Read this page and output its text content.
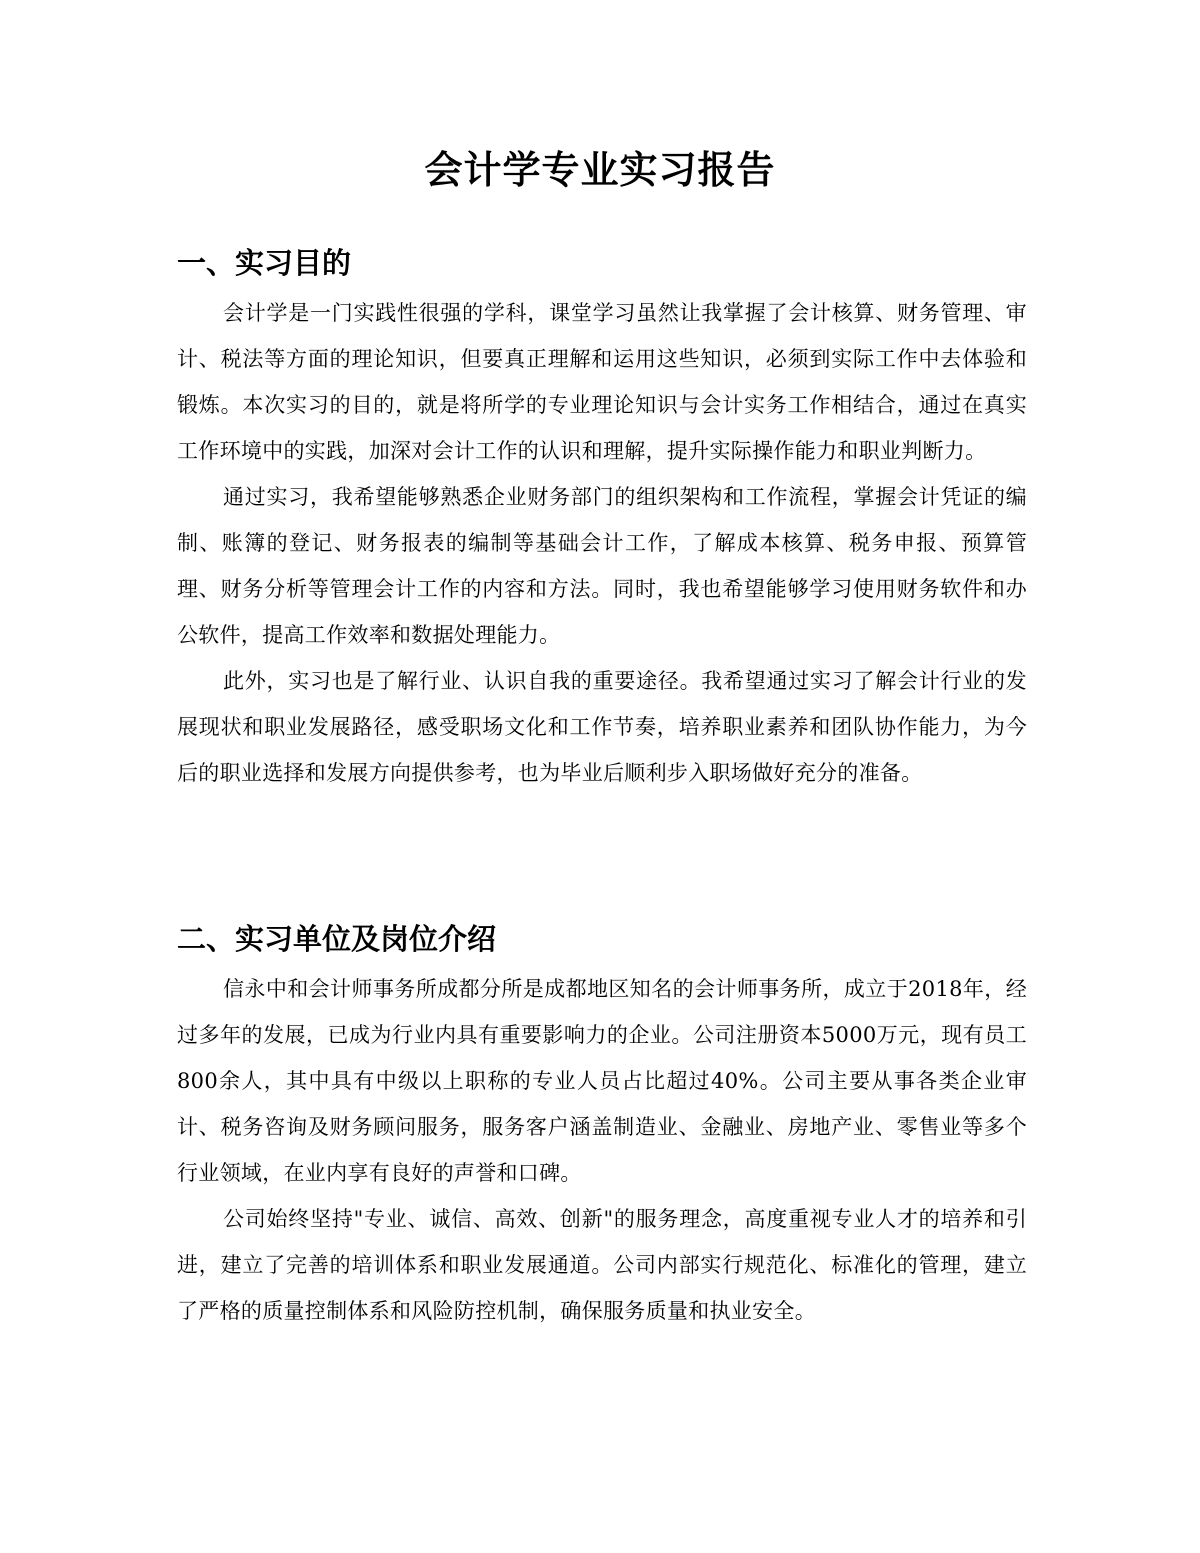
会计学专业实习报告
一、实习目的

会计学是一门实践性很强的学科，课堂学习虽然让我掌握了会计核算、财务管理、审计、税法等方面的理论知识，但要真正理解和运用这些知识，必须到实际工作中去体验和锻炼。本次实习的目的，就是将所学的专业理论知识与会计实务工作相结合，通过在真实工作环境中的实践，加深对会计工作的认识和理解，提升实际操作能力和职业判断力。

通过实习，我希望能够熟悉企业财务部门的组织架构和工作流程，掌握会计凭证的编制、账簿的登记、财务报表的编制等基础会计工作，了解成本核算、税务申报、预算管理、财务分析等管理会计工作的内容和方法。同时，我也希望能够学习使用财务软件和办公软件，提高工作效率和数据处理能力。

此外，实习也是了解行业、认识自我的重要途径。我希望通过实习了解会计行业的发展现状和职业发展路径，感受职场文化和工作节奏，培养职业素养和团队协作能力，为今后的职业选择和发展方向提供参考，也为毕业后顺利步入职场做好充分的准备。

二、实习单位及岗位介绍

信永中和会计师事务所成都分所是成都地区知名的会计师事务所，成立于2018年，经过多年的发展，已成为行业内具有重要影响力的企业。公司注册资本5000万元，现有员工800余人，其中具有中级以上职称的专业人员占比超过40%。公司主要从事各类企业审计、税务咨询及财务顾问服务，服务客户涵盖制造业、金融业、房地产业、零售业等多个行业领域，在业内享有良好的声誉和口碑。

公司始终坚持"专业、诚信、高效、创新"的服务理念，高度重视专业人才的培养和引进，建立了完善的培训体系和职业发展通道。公司内部实行规范化、标准化的管理，建立了严格的质量控制体系和风险防控机制，确保服务质量和执业安全。
